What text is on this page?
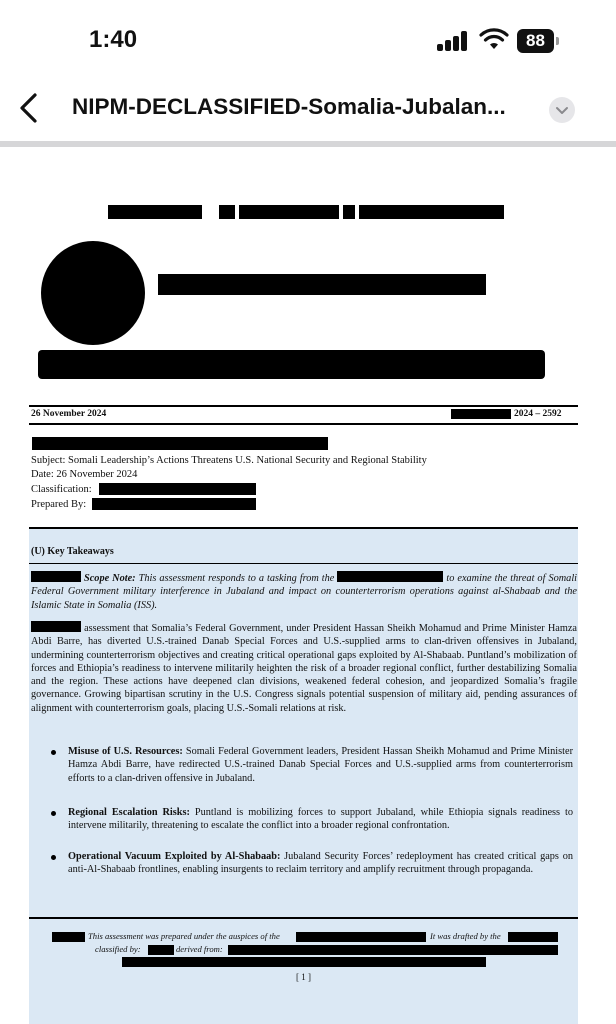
1:40	88
NIPM-DECLASSIFIED-Somalia-Jubalan...
26 November 2024	2024 – 2592
Subject: Somali Leadership’s Actions Threatens U.S. National Security and Regional Stability
Date: 26 November 2024
Classification:
Prepared By:
(U) Key Takeaways
Scope Note: This assessment responds to a tasking from the	to examine the threat of Somali Federal Government military interference in Jubaland and impact on counterterrorism operations against al-Shabaab and the Islamic State in Somalia (ISS).
assessment that Somalia’s Federal Government, under President Hassan Sheikh Mohamud and Prime Minister Hamza Abdi Barre, has diverted U.S.-trained Danab Special Forces and U.S.-supplied arms to clan-driven offensives in Jubaland, undermining counterterrorism objectives and creating critical operational gaps exploited by Al-Shabaab. Puntland’s mobilization of forces and Ethiopia’s readiness to intervene militarily heighten the risk of a broader regional conflict, further destabilizing Somalia and the region. These actions have deepened clan divisions, weakened federal cohesion, and jeopardized Somalia’s fragile governance. Growing bipartisan scrutiny in the U.S. Congress signals potential suspension of military aid, pending assurances of alignment with counterterrorism goals, placing U.S.-Somali relations at risk.
Misuse of U.S. Resources: Somali Federal Government leaders, President Hassan Sheikh Mohamud and Prime Minister Hamza Abdi Barre, have redirected U.S.-trained Danab Special Forces and U.S.-supplied arms from counterterrorism efforts to a clan-driven offensive in Jubaland.
Regional Escalation Risks: Puntland is mobilizing forces to support Jubaland, while Ethiopia signals readiness to intervene militarily, threatening to escalate the conflict into a broader regional confrontation.
Operational Vacuum Exploited by Al-Shabaab: Jubaland Security Forces’ redeployment has created critical gaps on anti-Al-Shabaab frontlines, enabling insurgents to reclaim territory and amplify recruitment through propaganda.
This assessment was prepared under the auspices of the	It was drafted by the
classified by:	derived from:
[ 1 ]
